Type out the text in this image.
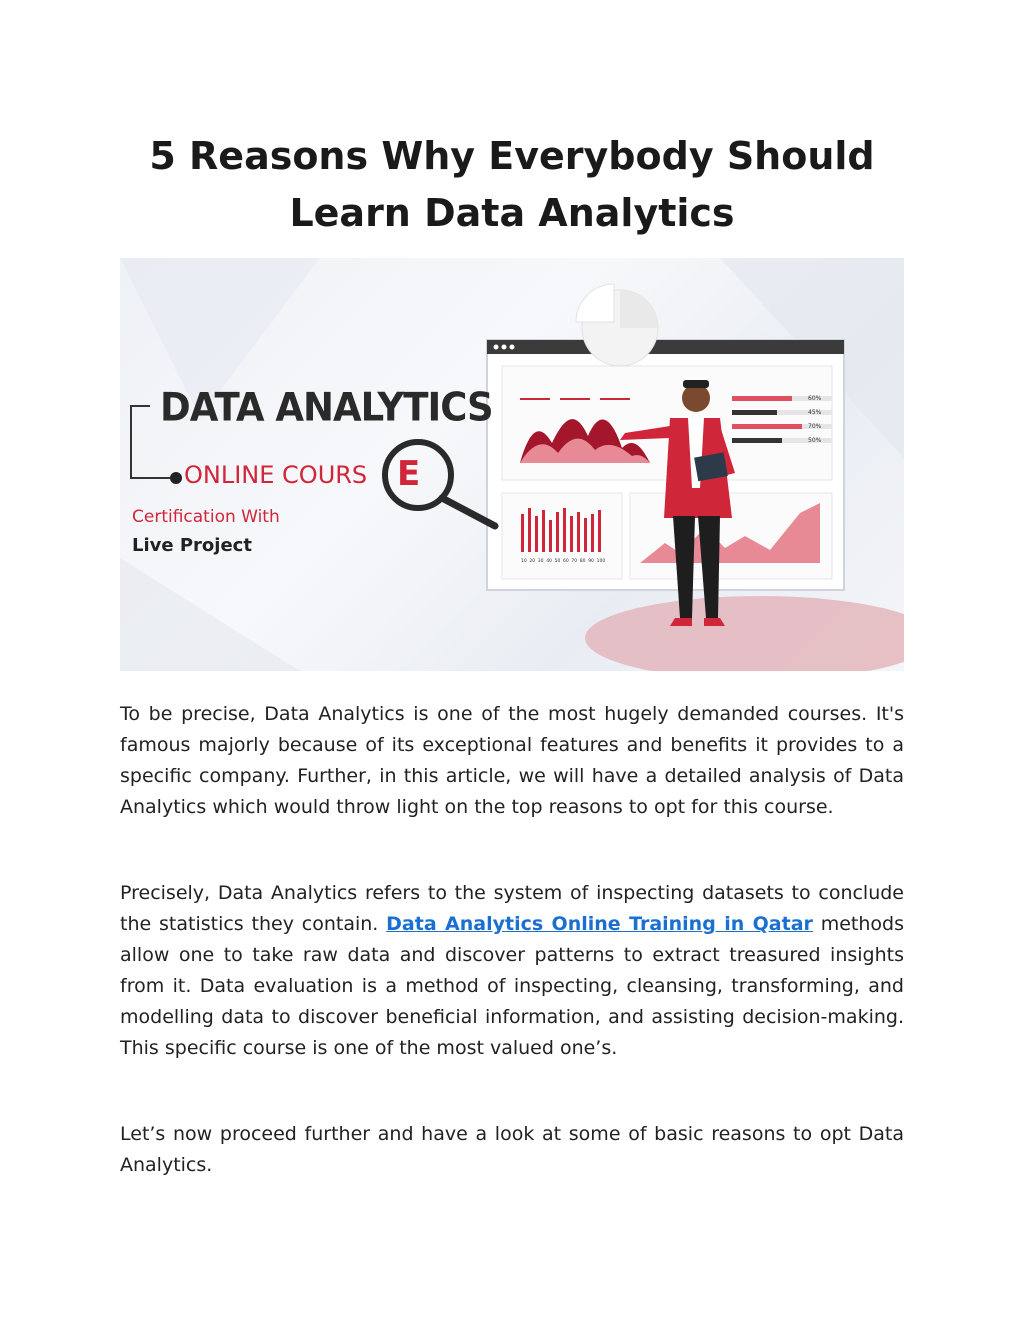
5 Reasons Why Everybody Should Learn Data Analytics
60%
45%
70%
50%
10 20 30 40 50 60 70 80 90 100
DATA ANALYTICS
ONLINE COURS E
Certification With
Live Project

To be precise, Data Analytics is one of the most hugely demanded courses. It's famous majorly because of its exceptional features and benefits it provides to a specific company. Further, in this article, we will have a detailed analysis of Data Analytics which would throw light on the top reasons to opt for this course.

Precisely, Data Analytics refers to the system of inspecting datasets to conclude the statistics they contain. Data Analytics Online Training in Qatar methods allow one to take raw data and discover patterns to extract treasured insights from it. Data evaluation is a method of inspecting, cleansing, transforming, and modelling data to discover beneficial information, and assisting decision-making. This specific course is one of the most valued one’s.

Let’s now proceed further and have a look at some of basic reasons to opt Data Analytics.
